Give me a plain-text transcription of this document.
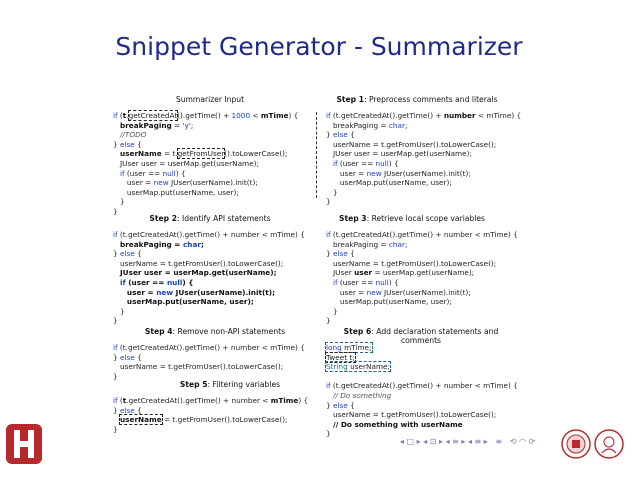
Snippet Generator - Summarizer
Summarizer Input
if (t.getCreatedAt().getTime() + 1000 < mTime) {
breakPaging = 'y';
//TODO
} else {
userName = t.getFromUser().toLowerCase();
JUser user = userMap.get(userName);
if (user == null) {
user = new JUser(userName).init(t);
userMap.put(userName, user);
}
}
Step 1: Preprocess comments and literals
if (t.getCreatedAt().getTime() + number < mTime) {
breakPaging = char;
} else {
userName = t.getFromUser().toLowerCase();
JUser user = userMap.get(userName);
if (user == null) {
user = new JUser(userName).init(t);
userMap.put(userName, user);
}
}
Step 2: Identify API statements
if (t.getCreatedAt().getTime() + number < mTime) {
breakPaging = char;
} else {
userName = t.getFromUser().toLowerCase();
JUser user = userMap.get(userName);
if (user == null) {
user = new JUser(userName).init(t);
userMap.put(userName, user);
}
}
Step 3: Retrieve local scope variables
if (t.getCreatedAt().getTime() + number < mTime) {
breakPaging = char;
} else {
userName = t.getFromUser().toLowerCase();
JUser user = userMap.get(userName);
if (user == null) {
user = new JUser(userName).init(t);
userMap.put(userName, user);
}
}
Step 4: Remove non-API statements
if (t.getCreatedAt().getTime() + number < mTime) {
} else {
userName = t.getFromUser().toLowerCase();
}
Step 5: Filtering variables
if (t.getCreatedAt().getTime() + number < mTime) {
} else {
userName = t.getFromUser().toLowerCase();
}
Step 6: Add declaration statements and comments
long mTime;
Tweet t;
String userName;

if (t.getCreatedAt().getTime() + number < mTime) {
// Do something
} else {
userName = t.getFromUser().toLowerCase();
// Do something with userName
}
◂ □ ▸ ◂ ⊡ ▸ ◂ ≡ ▸ ◂ ≡ ▸   ≡   ⟲ ◠ ⟳
